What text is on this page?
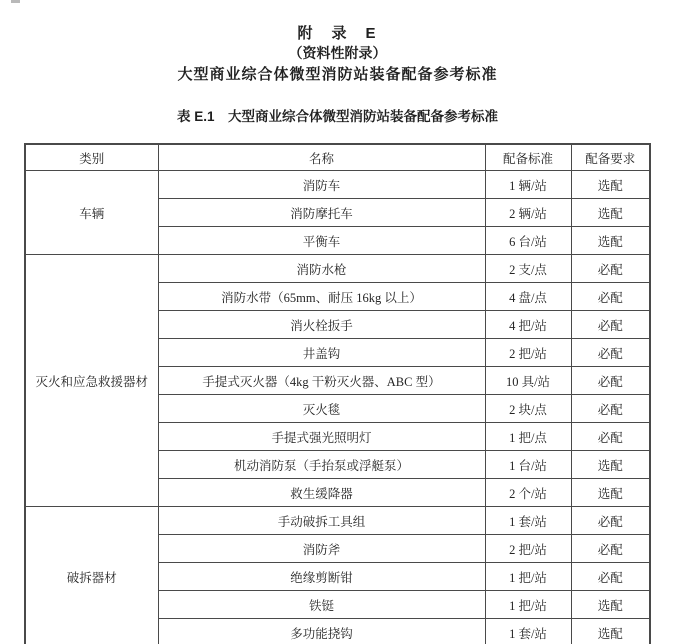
附　录　E

（资料性附录）

大型商业综合体微型消防站装备配备参考标准

表 E.1　大型商业综合体微型消防站装备配备参考标准

类别	名称	配备标准	配备要求
车辆	消防车	1 辆/站	选配
	消防摩托车	2 辆/站	选配
	平衡车	6 台/站	选配
灭火和应急救援器材	消防水枪	2 支/点	必配
	消防水带（65mm、耐压 16kg 以上）	4 盘/点	必配
	消火栓扳手	4 把/站	必配
	井盖钩	2 把/站	必配
	手提式灭火器（4kg 干粉灭火器、ABC 型）	10 具/站	必配
	灭火毯	2 块/点	必配
	手提式强光照明灯	1 把/点	必配
	机动消防泵（手抬泵或浮艇泵）	1 台/站	选配
	救生缓降器	2 个/站	选配
破拆器材	手动破拆工具组	1 套/站	必配
	消防斧	2 把/站	必配
	绝缘剪断钳	1 把/站	必配
	铁铤	1 把/站	选配
	多功能挠钩	1 套/站	选配
